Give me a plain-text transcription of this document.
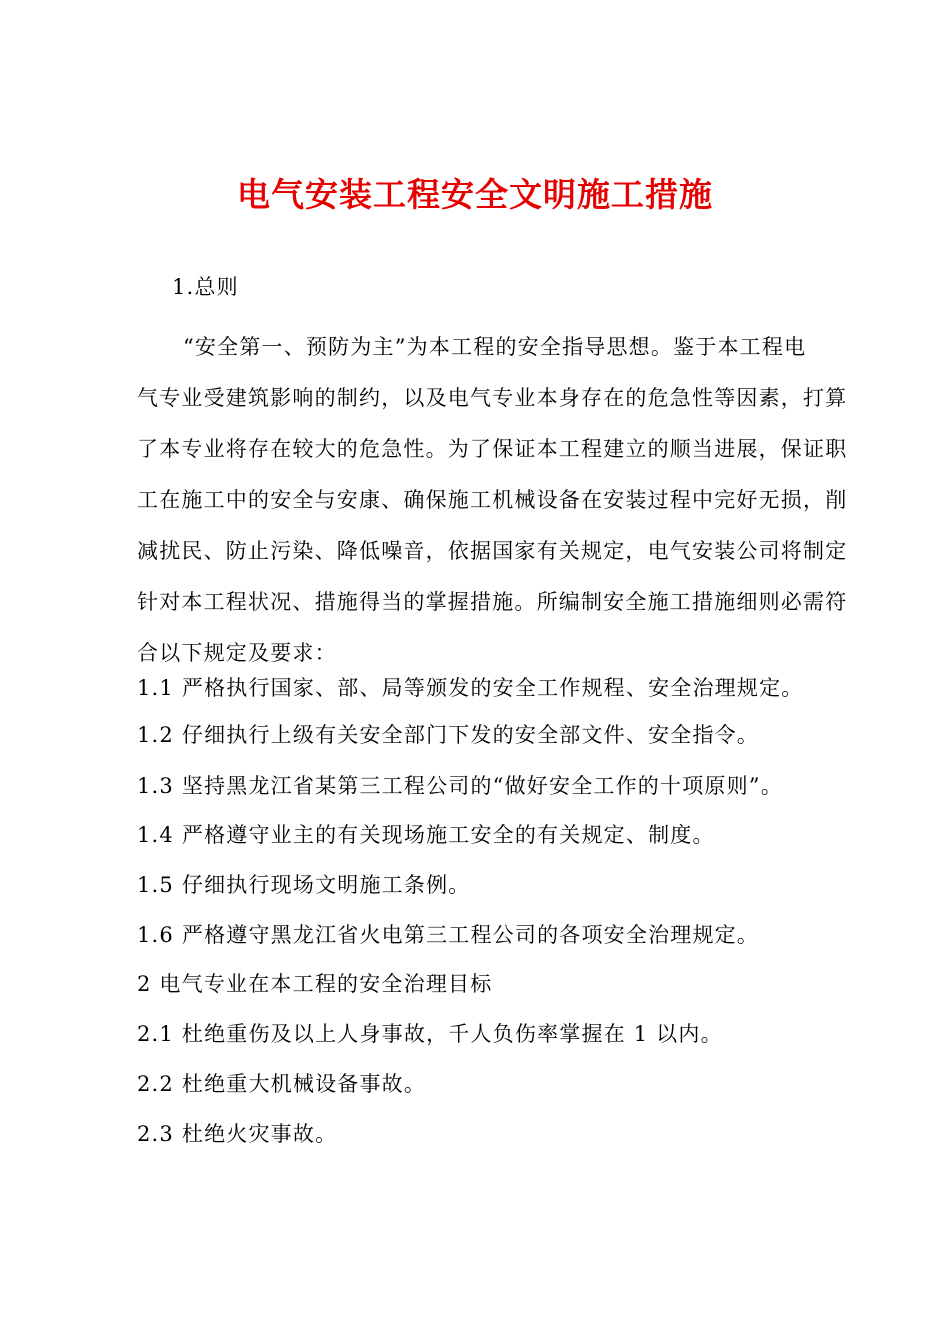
电气安装工程安全文明施工措施
1.总则
“安全第一、预防为主”为本工程的安全指导思想。鉴于本工程电
气专业受建筑影响的制约，以及电气专业本身存在的危急性等因素，打算
了本专业将存在较大的危急性。为了保证本工程建立的顺当进展，保证职
工在施工中的安全与安康、确保施工机械设备在安装过程中完好无损，削
减扰民、防止污染、降低噪音，依据国家有关规定，电气安装公司将制定
针对本工程状况、措施得当的掌握措施。所编制安全施工措施细则必需符
合以下规定及要求：
1.1 严格执行国家、部、局等颁发的安全工作规程、安全治理规定。
1.2 仔细执行上级有关安全部门下发的安全部文件、安全指令。
1.3 坚持黑龙江省某第三工程公司的“做好安全工作的十项原则”。
1.4 严格遵守业主的有关现场施工安全的有关规定、制度。
1.5 仔细执行现场文明施工条例。
1.6 严格遵守黑龙江省火电第三工程公司的各项安全治理规定。
2 电气专业在本工程的安全治理目标
2.1 杜绝重伤及以上人身事故，千人负伤率掌握在 1 以内。
2.2 杜绝重大机械设备事故。
2.3 杜绝火灾事故。
